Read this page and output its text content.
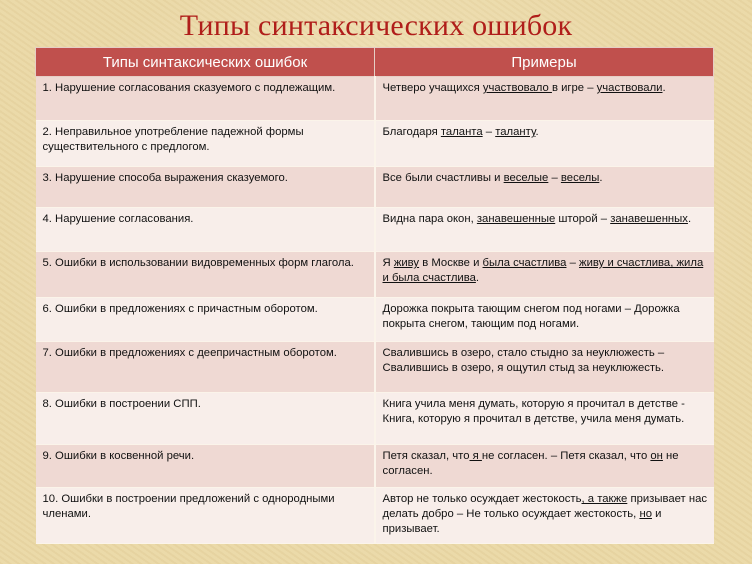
Типы синтаксических ошибок
Типы синтаксических ошибок	Примеры
1. Нарушение согласования сказуемого с подлежащим.	Четверо учащихся участвовало в игре – участвовали.
2. Неправильное употребление падежной формы существительного с предлогом.	Благодаря таланта – таланту.
3. Нарушение способа выражения сказуемого.	Все были счастливы и веселые – веселы.
4. Нарушение согласования.	Видна пара окон, занавешенные шторой – занавешенных.
5. Ошибки в использовании видовременных форм глагола.	Я живу в Москве и была счастлива – живу и счастлива, жила и была счастлива.
6. Ошибки в предложениях с причастным оборотом.	Дорожка покрыта тающим снегом под ногами – Дорожка покрыта снегом, тающим под ногами.
7. Ошибки в предложениях с деепричастным оборотом.	Свалившись в озеро, стало стыдно за неуклюжесть – Свалившись в озеро, я ощутил стыд за неуклюжесть.
8. Ошибки в построении СПП.	Книга учила меня думать, которую я прочитал в детстве - Книга, которую я прочитал в детстве, учила меня думать.
9. Ошибки в косвенной речи.	Петя сказал, что я не согласен. – Петя сказал, что он не согласен.
10. Ошибки в построении предложений с однородными членами.	Автор не только осуждает жестокость, а также призывает нас делать добро – Не только осуждает жестокость, но и призывает.
